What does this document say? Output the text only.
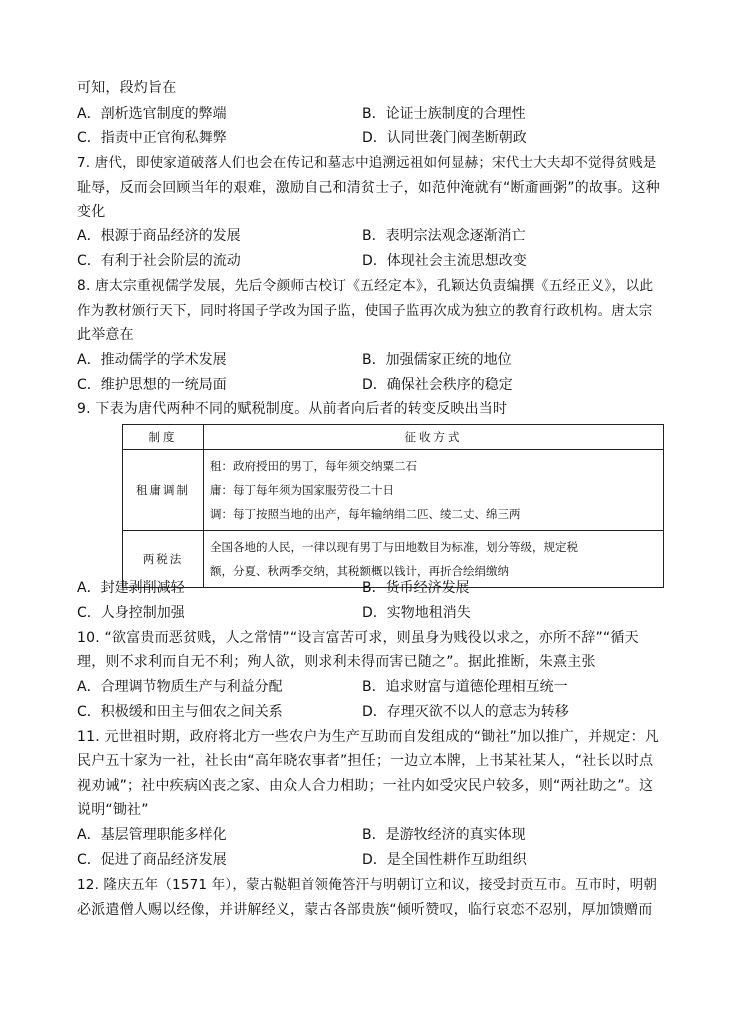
可知，段灼旨在
A．剖析选官制度的弊端	B．论证士族制度的合理性
C．指责中正官徇私舞弊	D．认同世袭门阀垄断朝政
7. 唐代，即使家道破落人们也会在传记和墓志中追溯远祖如何显赫；宋代士大夫却不觉得贫贱是
耻辱，反而会回顾当年的艰难，激励自己和清贫士子，如范仲淹就有“断齑画粥”的故事。这种
变化
A．根源于商品经济的发展	B．表明宗法观念逐渐消亡
C．有利于社会阶层的流动	D．体现社会主流思想改变
8. 唐太宗重视儒学发展，先后令颜师古校订《五经定本》，孔颖达负责编撰《五经正义》，以此
作为教材颁行天下，同时将国子学改为国子监，使国子监再次成为独立的教育行政机构。唐太宗
此举意在
A．推动儒学的学术发展	B．加强儒家正统的地位
C．维护思想的一统局面	D．确保社会秩序的稳定
9. 下表为唐代两种不同的赋税制度。从前者向后者的转变反映出当时
制度	征收方式
租庸调制	租：政府授田的男丁，每年须交纳粟二石
庸：每丁每年须为国家服劳役二十日
调：每丁按照当地的出产，每年输纳绢二匹、绫二丈、绵三两

两税法	全国各地的人民，一律以现有男丁与田地数目为标准，划分等级，规定税
额，分夏、秋两季交纳，其税额概以钱计，再折合绘绢缴纳
A．封建剥削减轻	B．货币经济发展
C．人身控制加强	D．实物地租消失
10. “欲富贵而恶贫贱，人之常情”“设言富苦可求，则虽身为贱役以求之，亦所不辞”“循天
理，则不求利而自无不利；殉人欲，则求利未得而害已随之”。据此推断，朱熹主张
A．合理调节物质生产与利益分配	B．追求财富与道德伦理相互统一
C．积极缓和田主与佃农之间关系	D．存理灭欲不以人的意志为转移
11. 元世祖时期，政府将北方一些农户为生产互助而自发组成的“锄社”加以推广，并规定：凡
民户五十家为一社，社长由“高年晓农事者”担任；一边立本牌，上书某社某人，“社长以时点
视劝诫”；社中疾病凶丧之家、由众人合力相助；一社内如受灾民户较多，则“两社助之”。这
说明“锄社”
A．基层管理职能多样化	B．是游牧经济的真实体现
C．促进了商品经济发展	D．是全国性耕作互助组织
12. 隆庆五年（1571 年），蒙古鞑靼首领俺答汗与明朝订立和议，接受封贡互市。互市时，明朝
必派遣僧人赐以经像，并讲解经义，蒙古各部贵族“倾听赞叹，临行哀恋不忍别，厚加馈赠而
